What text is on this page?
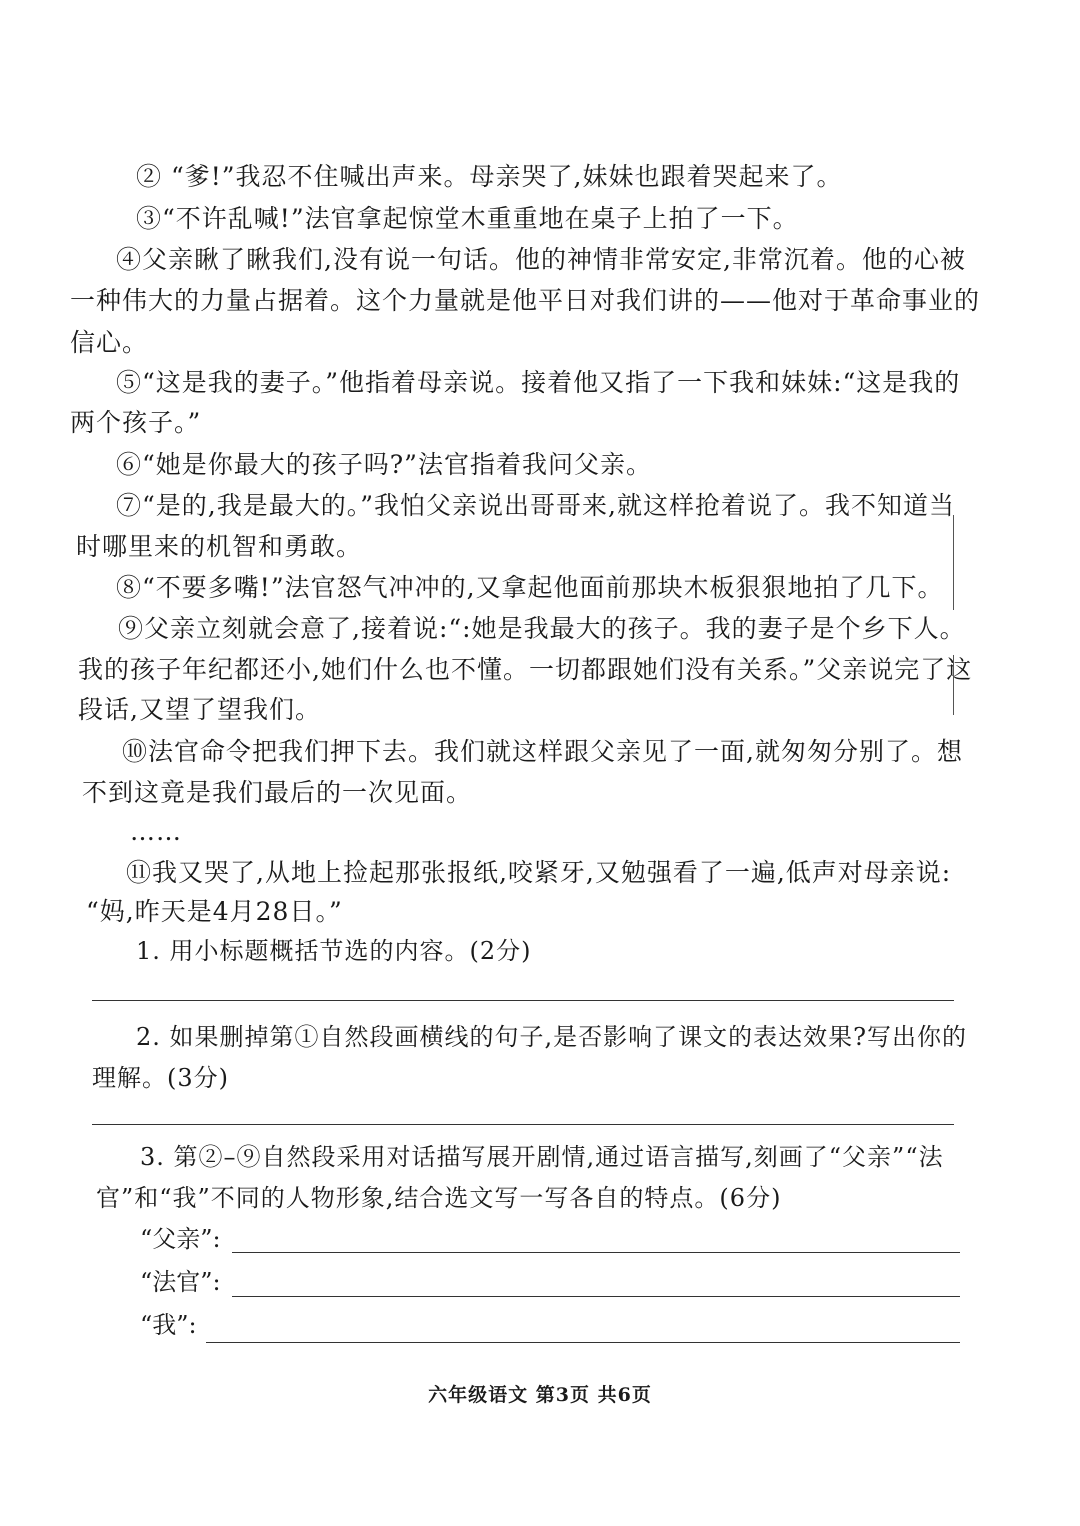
② “爹!”我忍不住喊出声来。母亲哭了,妹妹也跟着哭起来了。
③“不许乱喊!”法官拿起惊堂木重重地在桌子上拍了一下。
④父亲瞅了瞅我们,没有说一句话。他的神情非常安定,非常沉着。他的心被
一种伟大的力量占据着。这个力量就是他平日对我们讲的——他对于革命事业的
信心。
⑤“这是我的妻子。”他指着母亲说。接着他又指了一下我和妹妹:“这是我的
两个孩子。”
⑥“她是你最大的孩子吗?”法官指着我问父亲。
⑦“是的,我是最大的。”我怕父亲说出哥哥来,就这样抢着说了。我不知道当
时哪里来的机智和勇敢。
⑧“不要多嘴!”法官怒气冲冲的,又拿起他面前那块木板狠狠地拍了几下。
⑨父亲立刻就会意了,接着说:“:她是我最大的孩子。我的妻子是个乡下人。
我的孩子年纪都还小,她们什么也不懂。一切都跟她们没有关系。”父亲说完了这
段话,又望了望我们。
⑩法官命令把我们押下去。我们就这样跟父亲见了一面,就匆匆分别了。想
不到这竟是我们最后的一次见面。
……
⑪我又哭了,从地上捡起那张报纸,咬紧牙,又勉强看了一遍,低声对母亲说:
“妈,昨天是4月28日。”
1. 用小标题概括节选的内容。(2分)
2. 如果删掉第①自然段画横线的句子,是否影响了课文的表达效果?写出你的
理解。(3分)
3. 第②–⑨自然段采用对话描写展开剧情,通过语言描写,刻画了“父亲”“法
官”和“我”不同的人物形象,结合选文写一写各自的特点。(6分)
“父亲”:
“法官”:
“我”:
六年级语文 第3页 共6页
